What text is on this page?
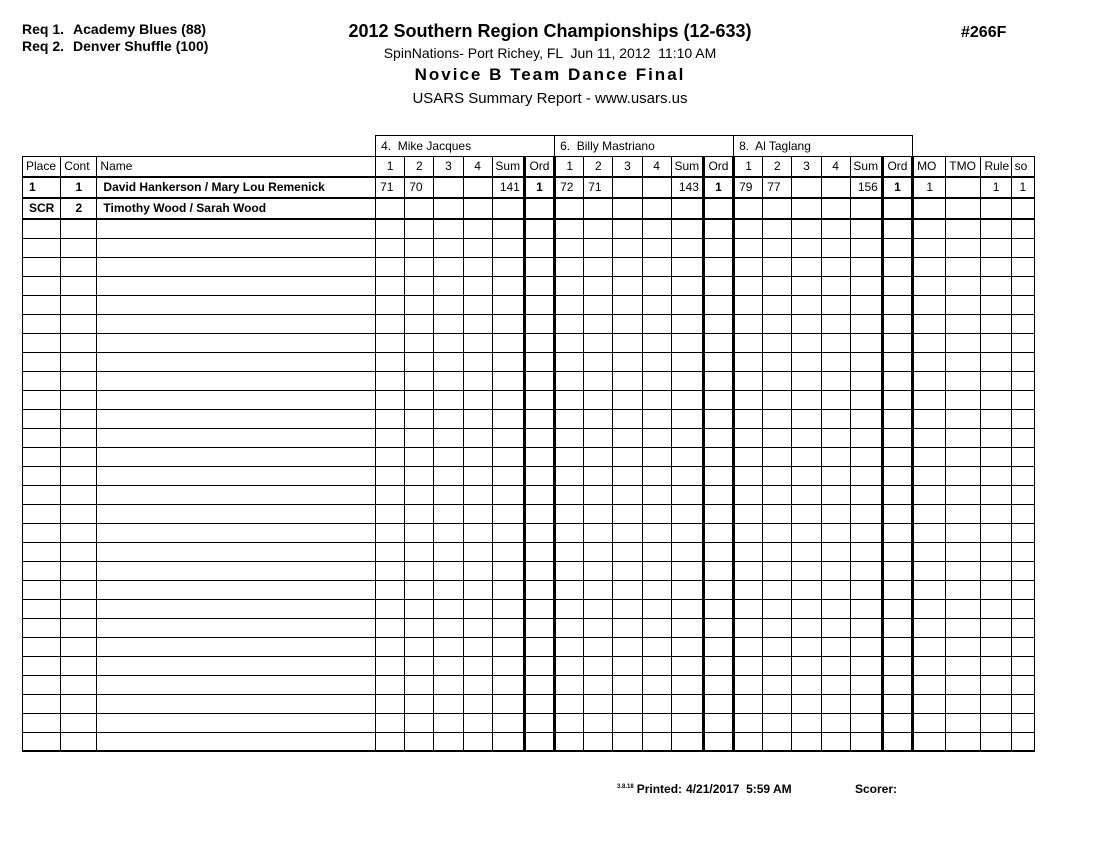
Req 1. Academy Blues (88)
Req 2. Denver Shuffle (100)
2012 Southern Region Championships (12-633)
SpinNations- Port Richey, FL  Jun 11, 2012  11:10 AM
Novice B Team Dance Final
USARS Summary Report - www.usars.us
#266F
			4.  Mike Jacques						6.  Billy Mastriano						8.  Al Taglang									
Place	Cont	Name	1	2	3	4	Sum	Ord	1	2	3	4	Sum	Ord	1	2	3	4	Sum	Ord	MO	TMO	Rule	so
1	1	David Hankerson / Mary Lou Remenick	71	70			141	1	72	71			143	1	79	77			156	1	1		1	1
SCR	2	Timothy Wood / Sarah Wood																						

$^{3.8.18}$ Printed: 4/21/2017  5:59 AM	Scorer:
